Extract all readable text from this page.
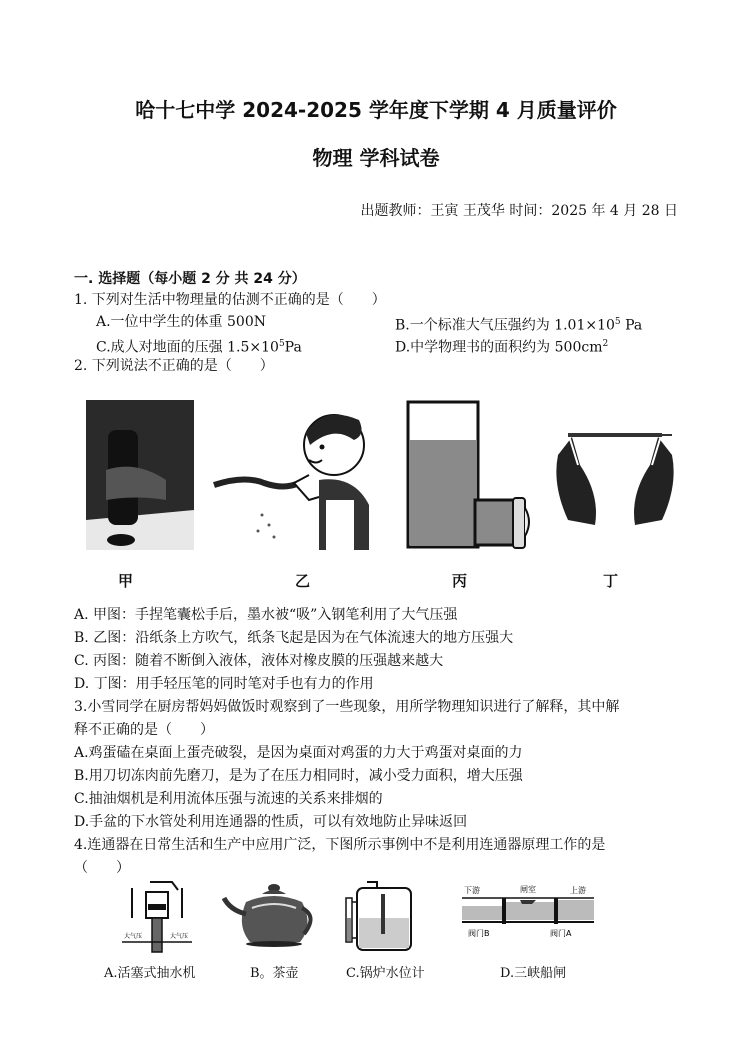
哈十七中学 2024-2025 学年度下学期 4 月质量评价
物理 学科试卷
出题教师：王寅 王茂华 时间：2025 年 4 月 28 日
一. 选择题（每小题 2 分 共 24 分）
1. 下列对生活中物理量的估测不正确的是（　　）
A.一位中学生的体重 500N	B.一个标准大气压强约为 $1.01\times 10^5$ Pa
C.成人对地面的压强 $1.5\times 10^5Pa$	D.中学物理书的面积约为 $500cm^2$
2. 下列说法不正确的是（　　）
甲	乙	丙	丁
A. 甲图：手捏笔囊松手后，墨水被“吸”入钢笔利用了大气压强
B. 乙图：沿纸条上方吹气，纸条飞起是因为在气体流速大的地方压强大
C. 丙图：随着不断倒入液体，液体对橡皮膜的压强越来越大
D. 丁图：用手轻压笔的同时笔对手也有力的作用
3.小雪同学在厨房帮妈妈做饭时观察到了一些现象，用所学物理知识进行了解释，其中解
释不正确的是（　　）
A.鸡蛋磕在桌面上蛋壳破裂，是因为桌面对鸡蛋的力大于鸡蛋对桌面的力
B.用刀切冻肉前先磨刀，是为了在压力相同时，减小受力面积，增大压强
C.抽油烟机是利用流体压强与流速的关系来排烟的
D.手盆的下水管处利用连通器的性质，可以有效地防止异味返回
4.连通器在日常生活和生产中应用广泛，下图所示事例中不是利用连通器原理工作的是
（　　）
大气压	大气压
A.活塞式抽水机	B。茶壶	C.锅炉水位计
下游	闸室	上游
阀门B	阀门A
D.三峡船闸
